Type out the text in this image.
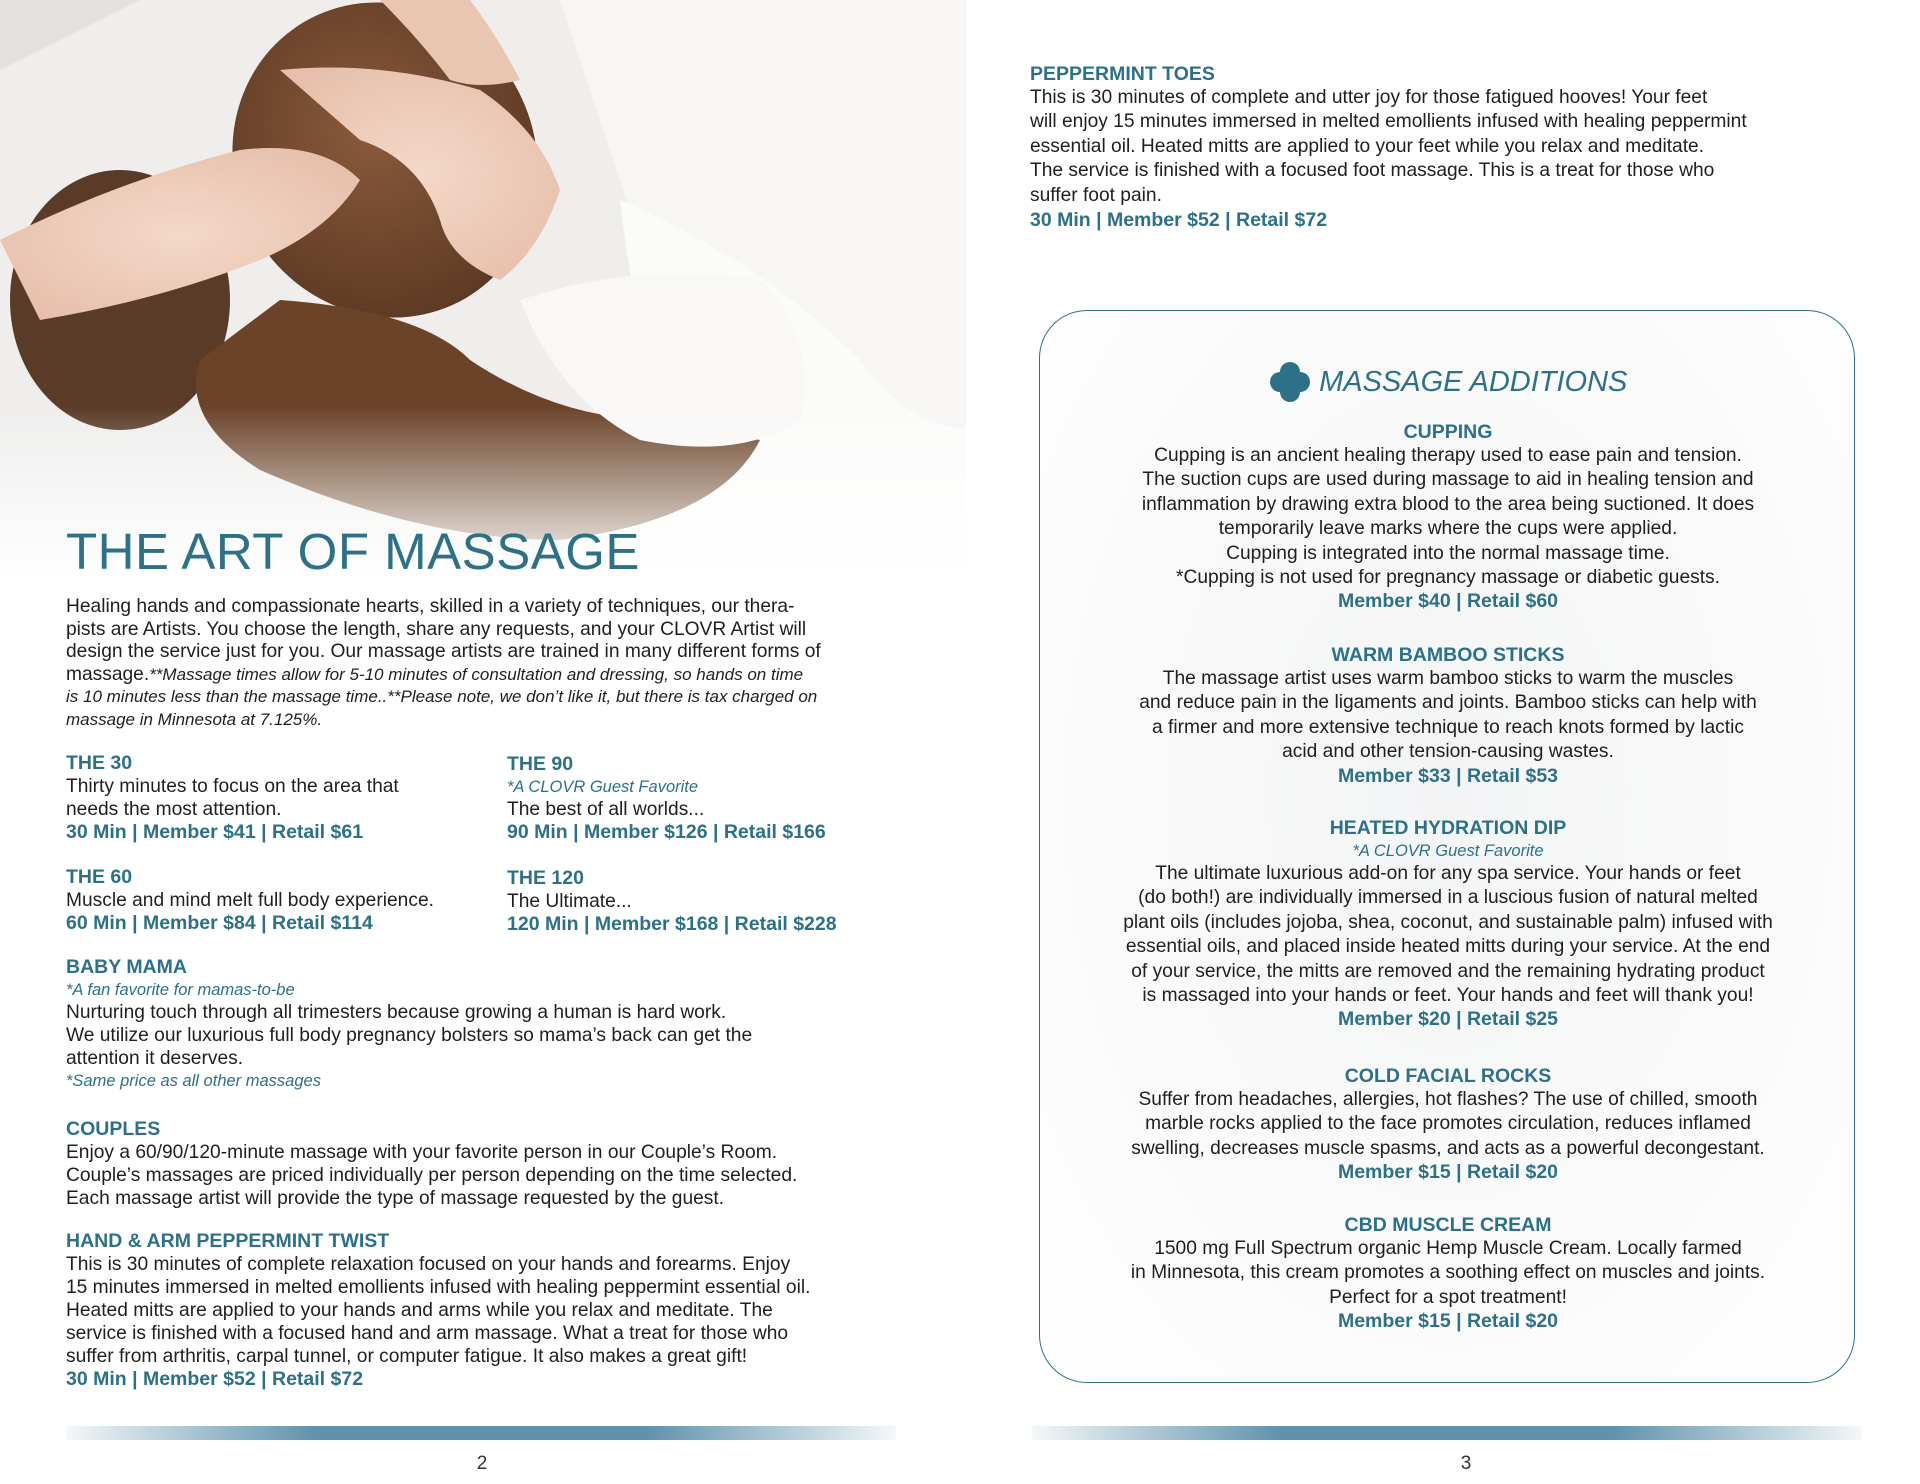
THE ART OF MASSAGE
Healing hands and compassionate hearts, skilled in a variety of techniques, our thera-
pists are Artists. You choose the length, share any requests, and your CLOVR Artist will
design the service just for you. Our massage artists are trained in many different forms of
massage.**Massage times allow for 5-10 minutes of consultation and dressing, so hands on time
is 10 minutes less than the massage time..**Please note, we don’t like it, but there is tax charged on
massage in Minnesota at 7.125%.
THE 30
Thirty minutes to focus on the area that
needs the most attention.
30 Min | Member $41 | Retail $61
THE 90
*A CLOVR Guest Favorite
The best of all worlds...
90 Min | Member $126 | Retail $166
THE 60
Muscle and mind melt full body experience.
60 Min | Member $84 | Retail $114
THE 120
The Ultimate...
120 Min | Member $168 | Retail $228
BABY MAMA
*A fan favorite for mamas-to-be
Nurturing touch through all trimesters because growing a human is hard work.
We utilize our luxurious full body pregnancy bolsters so mama’s back can get the
attention it deserves.
*Same price as all other massages
COUPLES
Enjoy a 60/90/120-minute massage with your favorite person in our Couple’s Room.
Couple’s massages are priced individually per person depending on the time selected.
Each massage artist will provide the type of massage requested by the guest.
HAND & ARM PEPPERMINT TWIST
This is 30 minutes of complete relaxation focused on your hands and forearms. Enjoy
15 minutes immersed in melted emollients infused with healing peppermint essential oil.
Heated mitts are applied to your hands and arms while you relax and meditate. The
service is finished with a focused hand and arm massage. What a treat for those who
suffer from arthritis, carpal tunnel, or computer fatigue. It also makes a great gift!
30 Min | Member $52 | Retail $72
2
PEPPERMINT TOES
This is 30 minutes of complete and utter joy for those fatigued hooves! Your feet
will enjoy 15 minutes immersed in melted emollients infused with healing peppermint
essential oil. Heated mitts are applied to your feet while you relax and meditate.
The service is finished with a focused foot massage. This is a treat for those who
suffer foot pain.
30 Min | Member $52 | Retail $72
3
MASSAGE ADDITIONS
CUPPING
Cupping is an ancient healing therapy used to ease pain and tension.
The suction cups are used during massage to aid in healing tension and
inflammation by drawing extra blood to the area being suctioned. It does
temporarily leave marks where the cups were applied.
Cupping is integrated into the normal massage time.
*Cupping is not used for pregnancy massage or diabetic guests.
Member $40 | Retail $60
WARM BAMBOO STICKS
The massage artist uses warm bamboo sticks to warm the muscles
and reduce pain in the ligaments and joints. Bamboo sticks can help with
a firmer and more extensive technique to reach knots formed by lactic
acid and other tension-causing wastes.
Member $33 | Retail $53
HEATED HYDRATION DIP
*A CLOVR Guest Favorite
The ultimate luxurious add-on for any spa service. Your hands or feet
(do both!) are individually immersed in a luscious fusion of natural melted
plant oils (includes jojoba, shea, coconut, and sustainable palm) infused with
essential oils, and placed inside heated mitts during your service. At the end
of your service, the mitts are removed and the remaining hydrating product
is massaged into your hands or feet. Your hands and feet will thank you!
Member $20 | Retail $25
COLD FACIAL ROCKS
Suffer from headaches, allergies, hot flashes? The use of chilled, smooth
marble rocks applied to the face promotes circulation, reduces inflamed
swelling, decreases muscle spasms, and acts as a powerful decongestant.
Member $15 | Retail $20
CBD MUSCLE CREAM
1500 mg Full Spectrum organic Hemp Muscle Cream. Locally farmed
in Minnesota, this cream promotes a soothing effect on muscles and joints.
Perfect for a spot treatment!
Member $15 | Retail $20
